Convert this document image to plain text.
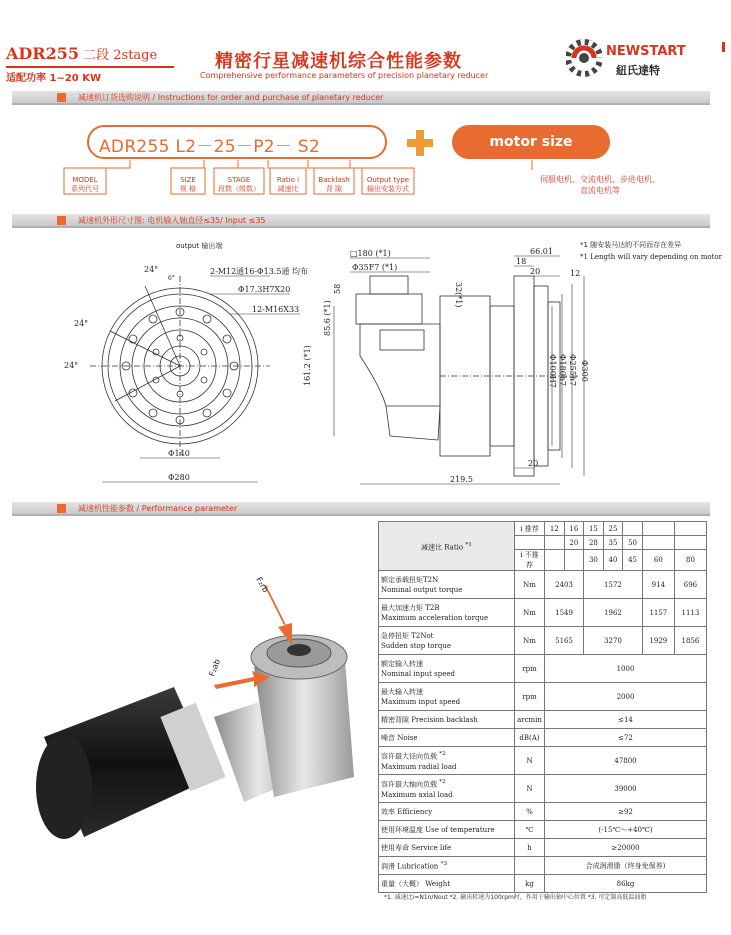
ADR255 二段 2stage
适配功率 1~20 KW
精密行星减速机综合性能参数
Comprehensive performance parameters of precision planetary reducer
NEWSTART
紐氏達特
减速机订货选购说明 / Instructions for order and purchase of planetary reducer
ADR255 L2－25－P2－ S2	motor size
MODEL
系列代号
SIZE
规 格
STAGE
段数（级数）
Ratio i
减速比
Backlash
背 隙
Output type
输出安装方式
伺服电机、交流电机、步进电机、直流电机等
减速机外形尺寸图: 电机输入轴直径≤35/ Input ≤35
*1 随安装马达的不同而存在差异
*1 Length will vary depending on motor
output 输出端
24°
6°
24°
24°
2-M12通16-Φ13.5通 均布
Φ17.3H7X20
12-M16X33
Φ140
Φ280
□180 (*1)
Φ35F7 (*1)
32(*1)
58
85.6 (*1)
161.2 (*1)
66.01
18
20	12
20
219.5
Φ100H7 Φ180h7 Φ255h7 Φ300
减速机性能参数 / Performance parameter
F₂rb
F₂ab
减速比 Ratio $^{*1}$	i 推荐	12	16	15	25			
			20	28	35	50		
	i 不推荐			30	40	45	60	80

额定承载扭矩T2N
Nominal output torque	Nm	2403		1572			914	696

最大加速力矩 T2B
Maximum acceleration torque	Nm	1549		1962			1157	1113

急停扭矩 T2Not
Sudden stop torque	Nm	5165		3270			1929	1856

额定输入转速
Nominal input speed	rpm	1000						

最大输入转速
Maximum input speed	rpm	2000						
精密背隙 Precision backlash	arcmin	≤14						
噪音 Noise	dB(A)	≤72						

容许最大径向负载 $^{*2}$
Maximum radial load	N	47800						

容许最大轴向负载 $^{*2}$
Maximum axial load	N	39000						
效率 Efficiency	%	≥92						
使用环境温度 Use of temperature	℃	(-15℃～+40℃)						
使用寿命 Service life	h	≥20000						
润滑 Lubrication $^{*3}$		合成润滑脂（终身免保养)						
重量（大概） Weight	kg	86kg						
*1. 减速比i=N1n/Nout *2. 输出转速为100rpm时，作用于输出轴中心位置 *3. 可定制高低温油脂
